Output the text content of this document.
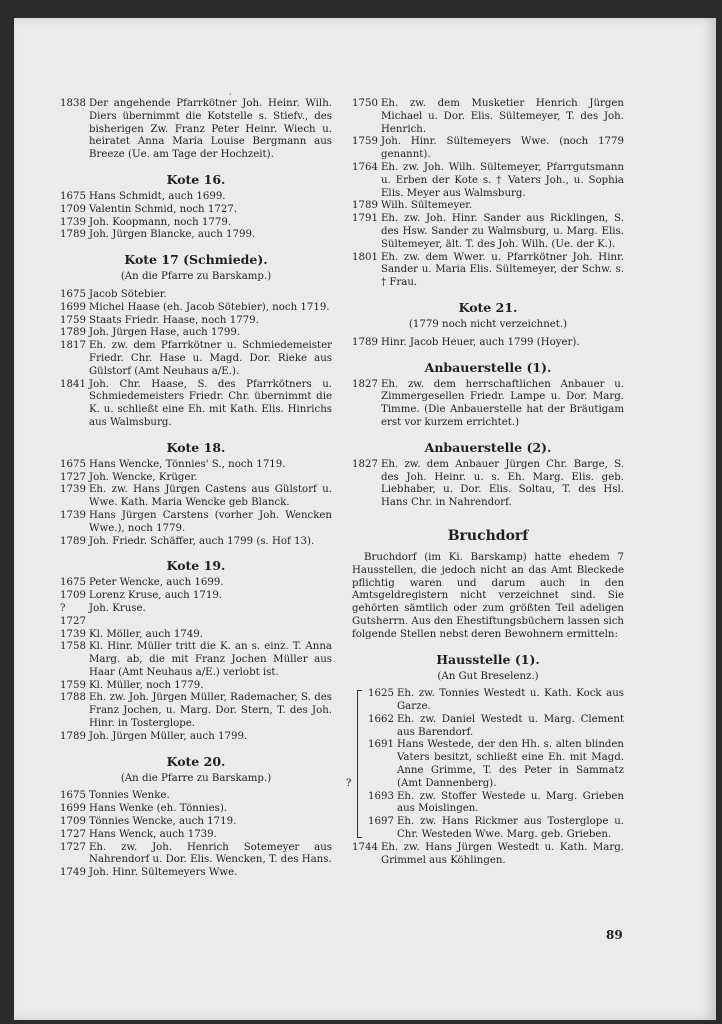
·
1838 Der angehende Pfarrkötner Joh. Heinr. Wilh. Diers übernimmt die Kotstelle s. Stiefv., des bisherigen Zw. Franz Peter Heinr. Wiech u. heiratet Anna Maria Louise Bergmann aus Breeze (Ue. am Tage der Hochzeit).
Kote 16.
1675 Hans Schmidt, auch 1699.
1709 Valentin Schmid, noch 1727.
1739 Joh. Koopmann, noch 1779.
1789 Joh. Jürgen Blancke, auch 1799.
Kote 17 (Schmiede).
(An die Pfarre zu Barskamp.)
1675 Jacob Sötebier.
1699 Michel Haase (eh. Jacob Sötebier), noch 1719.
1759 Staats Friedr. Haase, noch 1779.
1789 Joh. Jürgen Hase, auch 1799.
1817 Eh. zw. dem Pfarrkötner u. Schmiedemeister Friedr. Chr. Hase u. Magd. Dor. Rieke aus Gülstorf (Amt Neuhaus a/E.).
1841 Joh. Chr. Haase, S. des Pfarrkötners u. Schmiedemeisters Friedr. Chr. übernimmt die K. u. schließt eine Eh. mit Kath. Elis. Hinrichs aus Walmsburg.
Kote 18.
1675 Hans Wencke, Tönnies' S., noch 1719.
1727 Joh. Wencke, Krüger.
1739 Eh. zw. Hans Jürgen Castens aus Gülstorf u. Wwe. Kath. Maria Wencke geb Blanck.
1739 Hans Jürgen Carstens (vorher Joh. Wencken Wwe.), noch 1779.
1789 Joh. Friedr. Schäffer, auch 1799 (s. Hof 13).
Kote 19.
1675 Peter Wencke, auch 1699.
1709 Lorenz Kruse, auch 1719.
? 1727
Joh. Kruse.
1739 Kl. Möller, auch 1749.
1758 Kl. Hinr. Müller tritt die K. an s. einz. T. Anna Marg. ab, die mit Franz Jochen Müller aus Haar (Amt Neuhaus a/E.) verlobt ist.
1759 Kl. Müller, noch 1779.
1788 Eh. zw. Joh. Jürgen Müller, Rademacher, S. des Franz Jochen, u. Marg. Dor. Stern, T. des Joh. Hinr. in Tosterglope.
1789 Joh. Jürgen Müller, auch 1799.
Kote 20.
(An die Pfarre zu Barskamp.)
1675 Tonnies Wenke.
1699 Hans Wenke (eh. Tönnies).
1709 Tönnies Wencke, auch 1719.
1727 Hans Wenck, auch 1739.
1727 Eh. zw. Joh. Henrich Sotemeyer aus Nahrendorf u. Dor. Elis. Wencken, T. des Hans.
1749 Joh. Hinr. Sültemeyers Wwe.
1750 Eh. zw. dem Musketier Henrich Jürgen Michael u. Dor. Elis. Sültemeyer, T. des Joh. Henrich.
1759 Joh. Hinr. Sültemeyers Wwe. (noch 1779 genannt).
1764 Eh. zw. Joh. Wilh. Sültemeyer, Pfarrgutsmann u. Erben der Kote s. † Vaters Joh., u. Sophia Elis. Meyer aus Walmsburg.
1789 Wilh. Sültemeyer.
1791 Eh. zw. Joh. Hinr. Sander aus Ricklingen, S. des Hsw. Sander zu Walmsburg, u. Marg. Elis. Sültemeyer, ält. T. des Joh. Wilh. (Ue. der K.).
1801 Eh. zw. dem Wwer. u. Pfarrkötner Joh. Hinr. Sander u. Maria Elis. Sültemeyer, der Schw. s. † Frau.
Kote 21.
(1779 noch nicht verzeichnet.)
1789 Hinr. Jacob Heuer, auch 1799 (Hoyer).
Anbauerstelle (1).
1827 Eh. zw. dem herrschaftlichen Anbauer u. Zimmergesellen Friedr. Lampe u. Dor. Marg. Timme. (Die Anbauerstelle hat der Bräutigam erst vor kurzem errichtet.)
Anbauerstelle (2).
1827 Eh. zw. dem Anbauer Jürgen Chr. Barge, S. des Joh. Heinr. u. s. Eh. Marg. Elis. geb. Liebhaber, u. Dor. Elis. Soltau, T. des Hsl. Hans Chr. in Nahrendorf.
Bruchdorf
Bruchdorf (im Ki. Barskamp) hatte ehedem 7 Hausstellen, die jedoch nicht an das Amt Bleckede pflichtig waren und darum auch in den Amtsgeldregistern nicht verzeichnet sind. Sie gehörten sämtlich oder zum größten Teil adeligen Gutsherrn. Aus den Ehestiftungsbüchern lassen sich folgende Stellen nebst deren Bewohnern ermitteln:
Hausstelle (1).
(An Gut Breselenz.)
?
1625 Eh. zw. Tonnies Westedt u. Kath. Kock aus Garze.
1662 Eh. zw. Daniel Westedt u. Marg. Clement aus Barendorf.
1691 Hans Westede, der den Hh. s. alten blinden Vaters besitzt, schließt eine Eh. mit Magd. Anne Grimme, T. des Peter in Sammatz (Amt Dannenberg).
1693 Eh. zw. Stoffer Westede u. Marg. Grieben aus Moislingen.
1697 Eh. zw. Hans Rickmer aus Tosterglope u. Chr. Westeden Wwe. Marg. geb. Grieben.
1744 Eh. zw. Hans Jürgen Westedt u. Kath. Marg. Grimmel aus Köhlingen.
89
